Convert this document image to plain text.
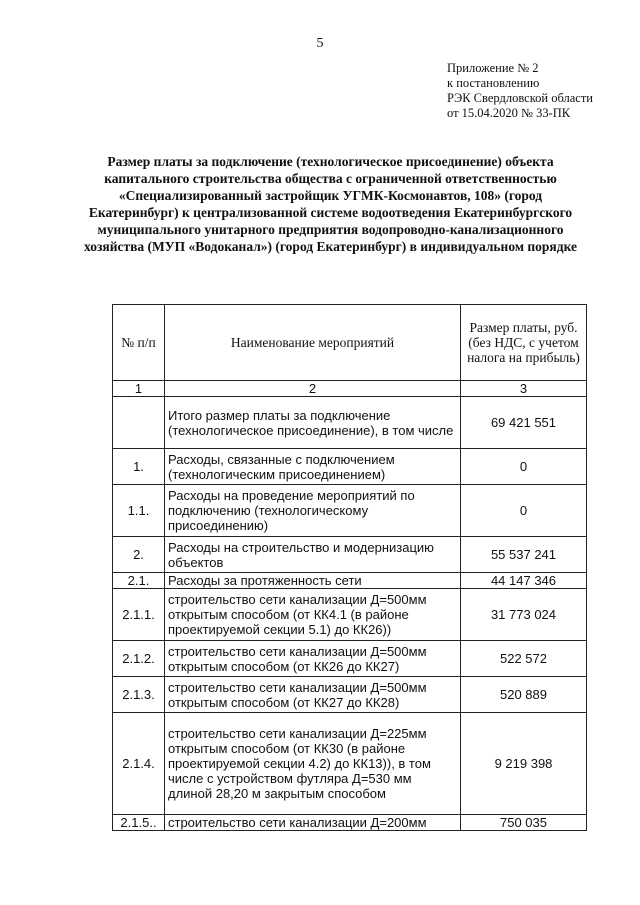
5
Приложение № 2
к постановлению
РЭК Свердловской области
от 15.04.2020 № 33-ПК
Размер платы за подключение (технологическое присоединение) объекта капитального строительства общества с ограниченной ответственностью «Специализированный застройщик УГМК-Космонавтов, 108» (город Екатеринбург) к централизованной системе водоотведения Екатеринбургского муниципального унитарного предприятия водопроводно-канализационного хозяйства (МУП «Водоканал») (город Екатеринбург) в индивидуальном порядке
№ п/п	Наименование мероприятий	Размер платы, руб. (без НДС, с учетом налога на прибыль)
1	2	3
	Итого размер платы за подключение (технологическое присоединение), в том числе	69 421 551
1.	Расходы, связанные с подключением (технологическим присоединением)	0
1.1.	Расходы на проведение мероприятий по подключению (технологическому присоединению)	0
2.	Расходы на строительство и модернизацию объектов	55 537 241
2.1.	Расходы за протяженность сети	44 147 346
2.1.1.	строительство сети канализации Д=500мм открытым способом (от КК4.1 (в районе проектируемой секции 5.1) до КК26))	31 773 024
2.1.2.	строительство сети канализации Д=500мм открытым способом (от КК26 до КК27)	522 572
2.1.3.	строительство сети канализации Д=500мм открытым способом (от КК27 до КК28)	520 889
2.1.4.	строительство сети канализации Д=225мм открытым способом (от КК30 (в районе проектируемой секции 4.2) до КК13)), в том числе с устройством футляра Д=530 мм длиной 28,20 м закрытым способом	9 219 398
2.1.5..	строительство сети канализации Д=200мм	750 035
